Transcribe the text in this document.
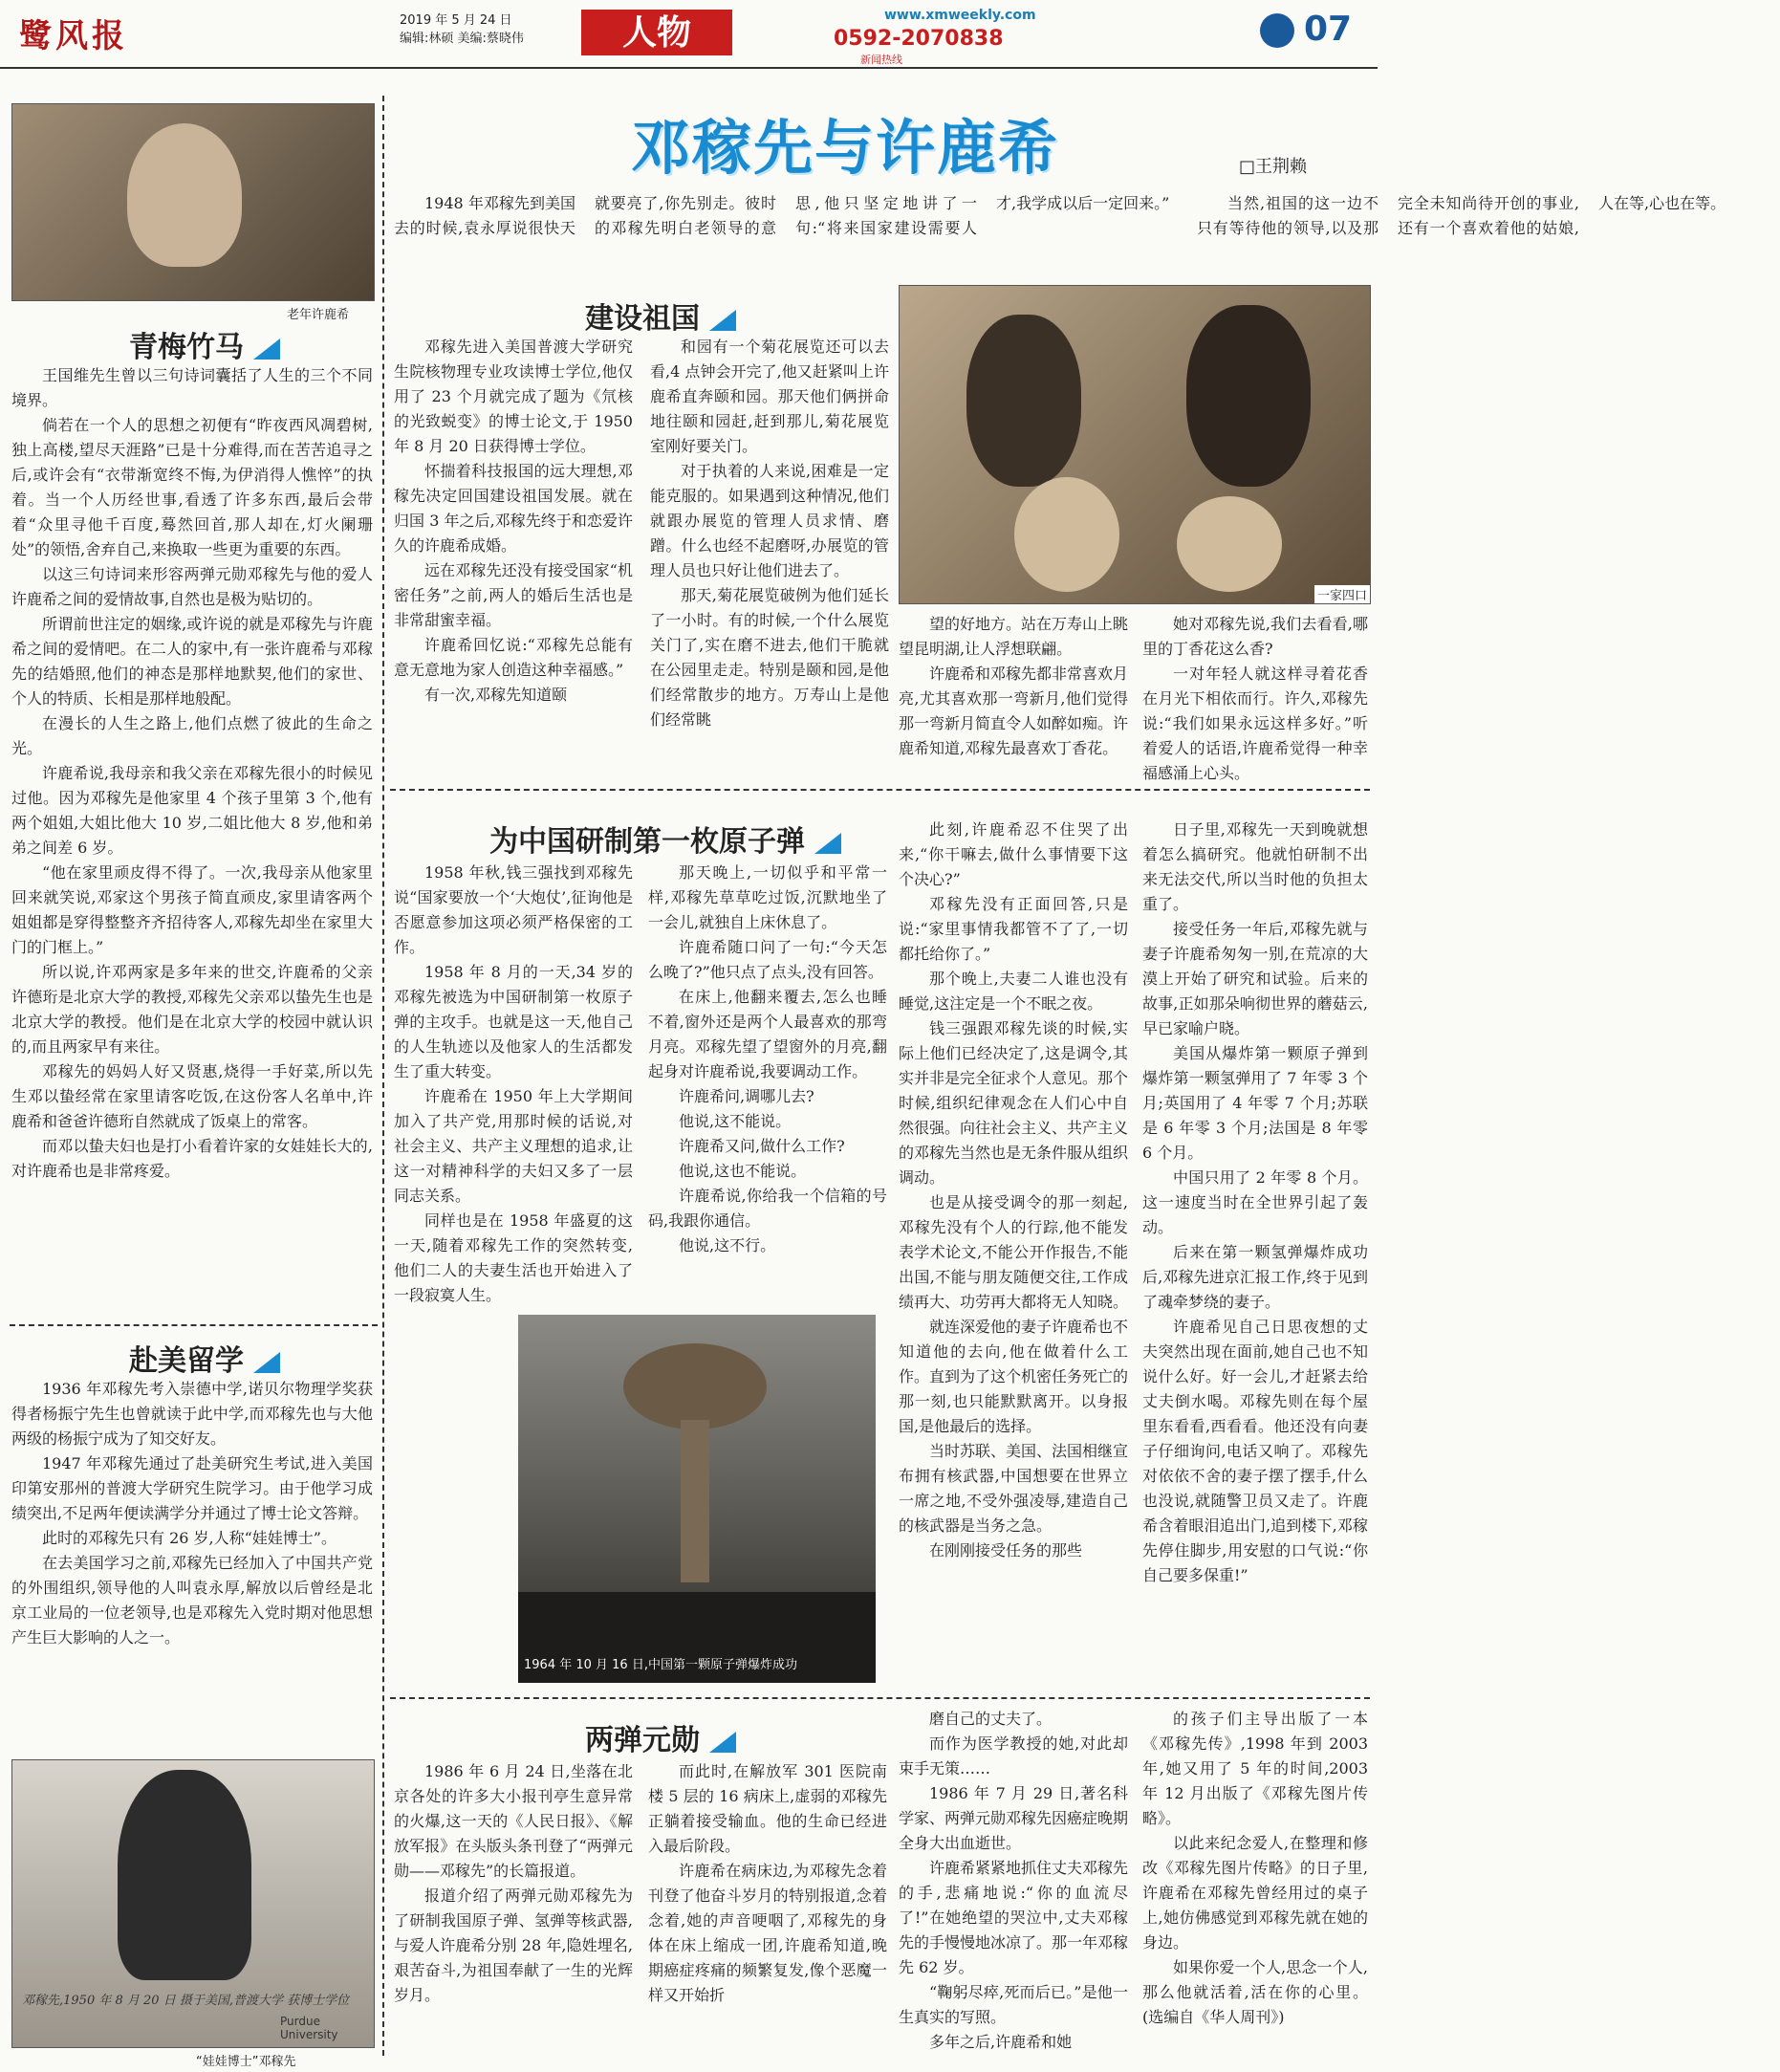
鹭风报	2019 年 5 月 24 日
编辑:林硕 美编:蔡晓伟	人物	www.xmweekly.com
0592-2070838
新闻热线
07
邓稼先与许鹿希	□王荆赖
老年许鹿希
青梅竹马

王国维先生曾以三句诗词囊括了人生的三个不同境界。

倘若在一个人的思想之初便有“昨夜西风凋碧树,独上高楼,望尽天涯路”已是十分难得,而在苦苦追寻之后,或许会有“衣带渐宽终不悔,为伊消得人憔悴”的执着。当一个人历经世事,看透了许多东西,最后会带着“众里寻他千百度,蓦然回首,那人却在,灯火阑珊处”的领悟,舍弃自己,来换取一些更为重要的东西。

以这三句诗词来形容两弹元勋邓稼先与他的爱人许鹿希之间的爱情故事,自然也是极为贴切的。

所谓前世注定的姻缘,或许说的就是邓稼先与许鹿希之间的爱情吧。在二人的家中,有一张许鹿希与邓稼先的结婚照,他们的神态是那样地默契,他们的家世、个人的特质、长相是那样地般配。

在漫长的人生之路上,他们点燃了彼此的生命之光。

许鹿希说,我母亲和我父亲在邓稼先很小的时候见过他。因为邓稼先是他家里 4 个孩子里第 3 个,他有两个姐姐,大姐比他大 10 岁,二姐比他大 8 岁,他和弟弟之间差 6 岁。

“他在家里顽皮得不得了。一次,我母亲从他家里回来就笑说,邓家这个男孩子简直顽皮,家里请客两个姐姐都是穿得整整齐齐招待客人,邓稼先却坐在家里大门的门框上。”

所以说,许邓两家是多年来的世交,许鹿希的父亲许德珩是北京大学的教授,邓稼先父亲邓以蛰先生也是北京大学的教授。他们是在北京大学的校园中就认识的,而且两家早有来往。

邓稼先的妈妈人好又贤惠,烧得一手好菜,所以先生邓以蛰经常在家里请客吃饭,在这份客人名单中,许鹿希和爸爸许德珩自然就成了饭桌上的常客。

而邓以蛰夫妇也是打小看着许家的女娃娃长大的,对许鹿希也是非常疼爱。

赴美留学

1936 年邓稼先考入崇德中学,诺贝尔物理学奖获得者杨振宁先生也曾就读于此中学,而邓稼先也与大他两级的杨振宁成为了知交好友。

1947 年邓稼先通过了赴美研究生考试,进入美国印第安那州的普渡大学研究生院学习。由于他学习成绩突出,不足两年便读满学分并通过了博士论文答辩。

此时的邓稼先只有 26 岁,人称“娃娃博士”。

在去美国学习之前,邓稼先已经加入了中国共产党的外围组织,领导他的人叫袁永厚,解放以后曾经是北京工业局的一位老领导,也是邓稼先入党时期对他思想产生巨大影响的人之一。

邓稼先,1950 年 8 月 20 日 摄于美国,普渡大学 获博士学位
Purdue University
“娃娃博士”邓稼先

1948 年邓稼先到美国去的时候,袁永厚说很快天就要亮了,你先别走。彼时的邓稼先明白老领导的意思,他只坚定地讲了一句:“将来国家建设需要人才,我学成以后一定回来。”	当然,祖国的这一边不只有等待他的领导,以及那完全未知尚待开创的事业,还有一个喜欢着他的姑娘,人在等,心也在等。

建设祖国

邓稼先进入美国普渡大学研究生院核物理专业攻读博士学位,他仅用了 23 个月就完成了题为《氘核的光致蜕变》的博士论文,于 1950 年 8 月 20 日获得博士学位。

怀揣着科技报国的远大理想,邓稼先决定回国建设祖国发展。就在归国 3 年之后,邓稼先终于和恋爱许久的许鹿希成婚。

远在邓稼先还没有接受国家“机密任务”之前,两人的婚后生活也是非常甜蜜幸福。

许鹿希回忆说:“邓稼先总能有意无意地为家人创造这种幸福感。”

有一次,邓稼先知道颐

和园有一个菊花展览还可以去看,4 点钟会开完了,他又赶紧叫上许鹿希直奔颐和园。那天他们俩拼命地往颐和园赶,赶到那儿,菊花展览室刚好要关门。

对于执着的人来说,困难是一定能克服的。如果遇到这种情况,他们就跟办展览的管理人员求情、磨蹭。什么也经不起磨呀,办展览的管理人员也只好让他们进去了。

那天,菊花展览破例为他们延长了一小时。有的时候,一个什么展览关门了,实在磨不进去,他们干脆就在公园里走走。特别是颐和园,是他们经常散步的地方。万寿山上是他们经常眺

一家四口

望的好地方。站在万寿山上眺望昆明湖,让人浮想联翩。

许鹿希和邓稼先都非常喜欢月亮,尤其喜欢那一弯新月,他们觉得那一弯新月简直令人如醉如痴。许鹿希知道,邓稼先最喜欢丁香花。

她对邓稼先说,我们去看看,哪里的丁香花这么香?

一对年轻人就这样寻着花香在月光下相依而行。许久,邓稼先说:“我们如果永远这样多好。”听着爱人的话语,许鹿希觉得一种幸福感涌上心头。

为中国研制第一枚原子弹

1958 年秋,钱三强找到邓稼先说“国家要放一个‘大炮仗’,征询他是否愿意参加这项必须严格保密的工作。

1958 年 8 月的一天,34 岁的邓稼先被选为中国研制第一枚原子弹的主攻手。也就是这一天,他自己的人生轨迹以及他家人的生活都发生了重大转变。

许鹿希在 1950 年上大学期间加入了共产党,用那时候的话说,对社会主义、共产主义理想的追求,让这一对精神科学的夫妇又多了一层同志关系。

同样也是在 1958 年盛夏的这一天,随着邓稼先工作的突然转变,他们二人的夫妻生活也开始进入了一段寂寞人生。

那天晚上,一切似乎和平常一样,邓稼先草草吃过饭,沉默地坐了一会儿,就独自上床休息了。

许鹿希随口问了一句:“今天怎么晚了?”他只点了点头,没有回答。

在床上,他翻来覆去,怎么也睡不着,窗外还是两个人最喜欢的那弯月亮。邓稼先望了望窗外的月亮,翻起身对许鹿希说,我要调动工作。

许鹿希问,调哪儿去?

他说,这不能说。

许鹿希又问,做什么工作?

他说,这也不能说。

许鹿希说,你给我一个信箱的号码,我跟你通信。

他说,这不行。

此刻,许鹿希忍不住哭了出来,“你干嘛去,做什么事情要下这个决心?”

邓稼先没有正面回答,只是说:“家里事情我都管不了了,一切都托给你了。”

那个晚上,夫妻二人谁也没有睡觉,这注定是一个不眠之夜。

钱三强跟邓稼先谈的时候,实际上他们已经决定了,这是调令,其实并非是完全征求个人意见。那个时候,组织纪律观念在人们心中自然很强。向往社会主义、共产主义的邓稼先当然也是无条件服从组织调动。

也是从接受调令的那一刻起,邓稼先没有个人的行踪,他不能发表学术论文,不能公开作报告,不能出国,不能与朋友随便交往,工作成绩再大、功劳再大都将无人知晓。

就连深爱他的妻子许鹿希也不知道他的去向,他在做着什么工作。直到为了这个机密任务死亡的那一刻,也只能默默离开。以身报国,是他最后的选择。

当时苏联、美国、法国相继宣布拥有核武器,中国想要在世界立一席之地,不受外强凌辱,建造自己的核武器是当务之急。

在刚刚接受任务的那些

日子里,邓稼先一天到晚就想着怎么搞研究。他就怕研制不出来无法交代,所以当时他的负担太重了。

接受任务一年后,邓稼先就与妻子许鹿希匆匆一别,在荒凉的大漠上开始了研究和试验。后来的故事,正如那朵响彻世界的蘑菇云,早已家喻户晓。

美国从爆炸第一颗原子弹到爆炸第一颗氢弹用了 7 年零 3 个月;英国用了 4 年零 7 个月;苏联是 6 年零 3 个月;法国是 8 年零 6 个月。

中国只用了 2 年零 8 个月。这一速度当时在全世界引起了轰动。

后来在第一颗氢弹爆炸成功后,邓稼先进京汇报工作,终于见到了魂牵梦绕的妻子。

许鹿希见自己日思夜想的丈夫突然出现在面前,她自己也不知说什么好。好一会儿,才赶紧去给丈夫倒水喝。邓稼先则在每个屋里东看看,西看看。他还没有向妻子仔细询问,电话又响了。邓稼先对依依不舍的妻子摆了摆手,什么也没说,就随警卫员又走了。许鹿希含着眼泪追出门,追到楼下,邓稼先停住脚步,用安慰的口气说:“你自己要多保重!”

1964 年 10 月 16 日,中国第一颗原子弹爆炸成功
两弹元勋

1986 年 6 月 24 日,坐落在北京各处的许多大小报刊亭生意异常的火爆,这一天的《人民日报》、《解放军报》在头版头条刊登了“两弹元勋——邓稼先”的长篇报道。

报道介绍了两弹元勋邓稼先为了研制我国原子弹、氢弹等核武器,与爱人许鹿希分别 28 年,隐姓埋名,艰苦奋斗,为祖国奉献了一生的光辉岁月。

而此时,在解放军 301 医院南楼 5 层的 16 病床上,虚弱的邓稼先正躺着接受输血。他的生命已经进入最后阶段。

许鹿希在病床边,为邓稼先念着刊登了他奋斗岁月的特别报道,念着念着,她的声音哽咽了,邓稼先的身体在床上缩成一团,许鹿希知道,晚期癌症疼痛的频繁复发,像个恶魔一样又开始折

磨自己的丈夫了。

而作为医学教授的她,对此却束手无策……

1986 年 7 月 29 日,著名科学家、两弹元勋邓稼先因癌症晚期全身大出血逝世。

许鹿希紧紧地抓住丈夫邓稼先的手,悲痛地说:“你的血流尽了!”在她绝望的哭泣中,丈夫邓稼先的手慢慢地冰凉了。那一年邓稼先 62 岁。

“鞠躬尽瘁,死而后已。”是他一生真实的写照。

多年之后,许鹿希和她

的孩子们主导出版了一本《邓稼先传》,1998 年到 2003 年,她又用了 5 年的时间,2003 年 12 月出版了《邓稼先图片传略》。

以此来纪念爱人,在整理和修改《邓稼先图片传略》的日子里,许鹿希在邓稼先曾经用过的桌子上,她仿佛感觉到邓稼先就在她的身边。

如果你爱一个人,思念一个人,那么他就活着,活在你的心里。 (选编自《华人周刊》)
